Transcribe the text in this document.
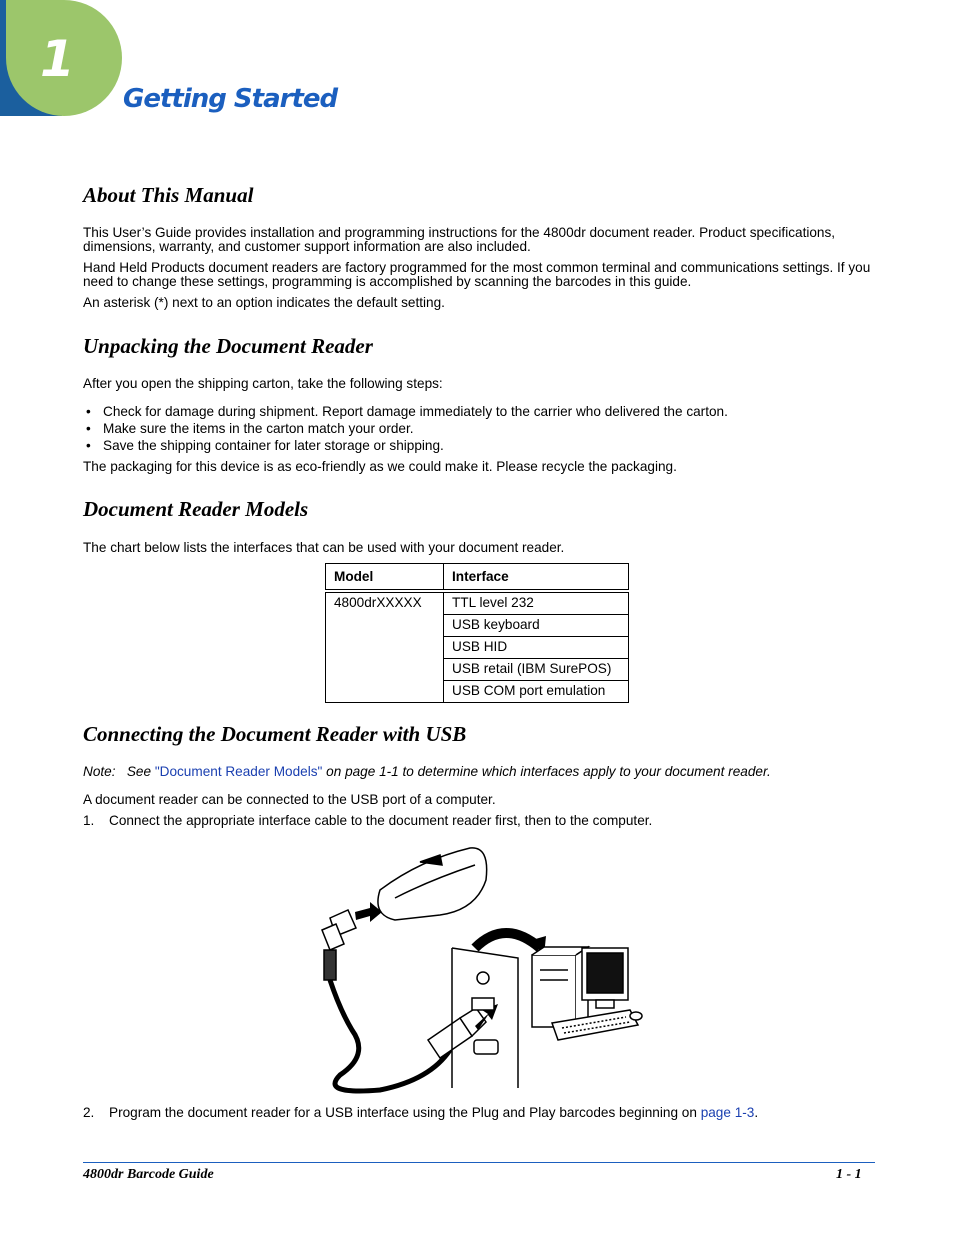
1
Getting Started
About This Manual

This User’s Guide provides installation and programming instructions for the 4800dr document reader. Product specifications, dimensions, warranty, and customer support information are also included.

Hand Held Products document readers are factory programmed for the most common terminal and communications settings. If you need to change these settings, programming is accomplished by scanning the barcodes in this guide.

An asterisk (*) next to an option indicates the default setting.

Unpacking the Document Reader

After you open the shipping carton, take the following steps:

• Check for damage during shipment. Report damage immediately to the carrier who delivered the carton.
• Make sure the items in the carton match your order.
• Save the shipping container for later storage or shipping.

The packaging for this device is as eco-friendly as we could make it. Please recycle the packaging.

Document Reader Models

The chart below lists the interfaces that can be used with your document reader.

Model	Interface
4800drXXXXX	TTL level 232
	USB keyboard
	USB HID
	USB retail (IBM SurePOS)
	USB COM port emulation
Connecting the Document Reader with USB

Note: See "Document Reader Models" on page 1-1 to determine which interfaces apply to your document reader.

A document reader can be connected to the USB port of a computer.

1. Connect the appropriate interface cable to the document reader first, then to the computer.
2. Program the document reader for a USB interface using the Plug and Play barcodes beginning on page 1-3.
4800dr Barcode Guide	1 - 1
